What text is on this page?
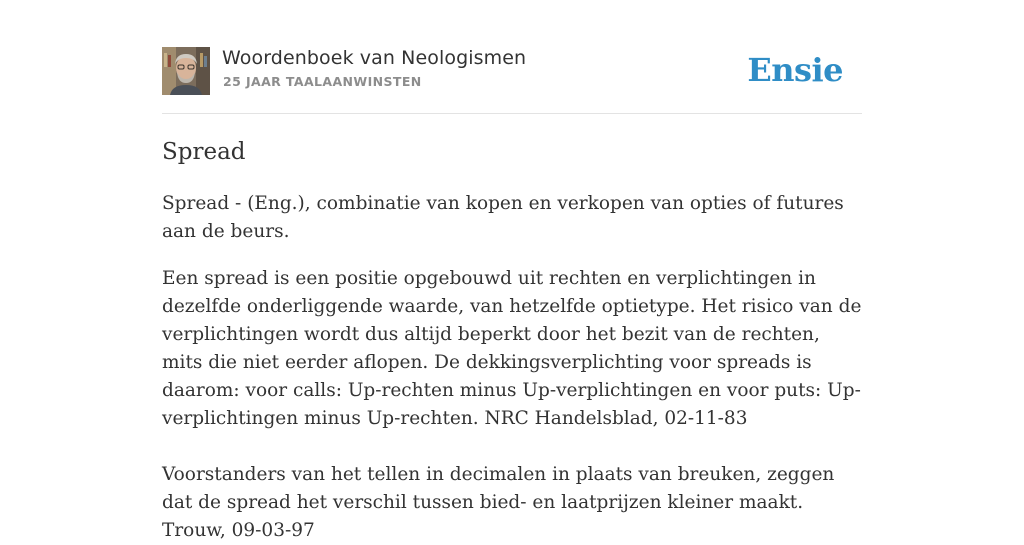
Woordenboek van Neologismen
25 JAAR TAALAANWINSTEN	Ensie
Spread

Spread - (Eng.), combinatie van kopen en verkopen van opties of futures aan de beurs.

Een spread is een positie opgebouwd uit rechten en verplichtingen in dezelfde onderliggende waarde, van hetzelfde optietype. Het risico van de verplichtingen wordt dus altijd beperkt door het bezit van de rechten, mits die niet eerder aflopen. De dekkingsverplichting voor spreads is daarom: voor calls: Up-rechten minus Up-verplichtingen en voor puts: Up-verplichtingen minus Up-rechten. NRC Handelsblad, 02-11-83

Voorstanders van het tellen in decimalen in plaats van breuken, zeggen dat de spread het verschil tussen bied- en laatprijzen kleiner maakt. Trouw, 09-03-97
